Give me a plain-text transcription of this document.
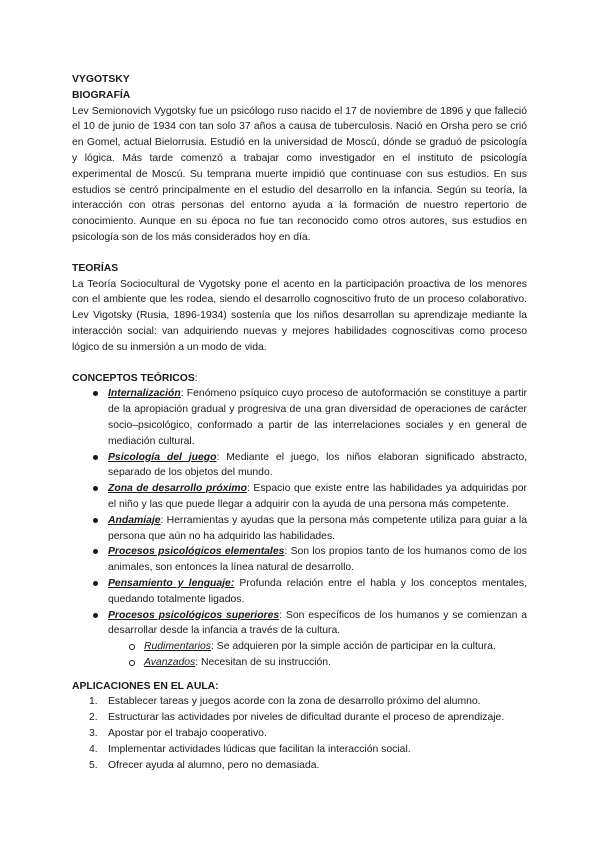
VYGOTSKY
BIOGRAFÍA

Lev Semionovich Vygotsky fue un psicólogo ruso nacido el 17 de noviembre de 1896 y que falleció el 10 de junio de 1934 con tan solo 37 años a causa de tuberculosis. Nació en Orsha pero se crió en Gomel, actual Bielorrusia. Estudió en la universidad de Moscú, dónde se graduó de psicología y lógica. Más tarde comenzó a trabajar como investigador en el instituto de psicología experimental de Moscú. Su temprana muerte impidió que continuase con sus estudios. En sus estudios se centró principalmente en el estudio del desarrollo en la infancia. Según su teoría, la interacción con otras personas del entorno ayuda a la formación de nuestro repertorio de conocimiento. Aunque en su época no fue tan reconocido como otros autores, sus estudios en psicología son de los más considerados hoy en día.

TEORÍAS

La Teoría Sociocultural de Vygotsky pone el acento en la participación proactiva de los menores con el ambiente que les rodea, siendo el desarrollo cognoscitivo fruto de un proceso colaborativo. Lev Vigotsky (Rusia, 1896-1934) sostenía que los niños desarrollan su aprendizaje mediante la interacción social: van adquiriendo nuevas y mejores habilidades cognoscitivas como proceso lógico de su inmersión a un modo de vida.

CONCEPTOS TEÓRICOS:
Internalización: Fenómeno psíquico cuyo proceso de autoformación se constituye a partir de la apropiación gradual y progresiva de una gran diversidad de operaciones de carácter socio–psicológico, conformado a partir de las interrelaciones sociales y en general de mediación cultural.
Psicología del juego: Mediante el juego, los niños elaboran significado abstracto, separado de los objetos del mundo.
Zona de desarrollo próximo: Espacio que existe entre las habilidades ya adquiridas por el niño y las que puede llegar a adquirir con la ayuda de una persona más competente.
Andamiaje: Herramientas y ayudas que la persona más competente utiliza para guiar a la persona que aún no ha adquirido las habilidades.
Procesos psicológicos elementales: Son los propios tanto de los humanos como de los animales, son entonces la línea natural de desarrollo.
Pensamiento y lenguaje: Profunda relación entre el habla y los conceptos mentales, quedando totalmente ligados.
Procesos psicológicos superiores: Son específicos de los humanos y se comienzan a desarrollar desde la infancia a través de la cultura.
Rudimentarios: Se adquieren por la simple acción de participar en la cultura.
Avanzados: Necesitan de su instrucción.
APLICACIONES EN EL AULA:
1. Establecer tareas y juegos acorde con la zona de desarrollo próximo del alumno.
2. Estructurar las actividades por niveles de dificultad durante el proceso de aprendizaje.
3. Apostar por el trabajo cooperativo.
4. Implementar actividades lúdicas que facilitan la interacción social.
5. Ofrecer ayuda al alumno, pero no demasiada.
